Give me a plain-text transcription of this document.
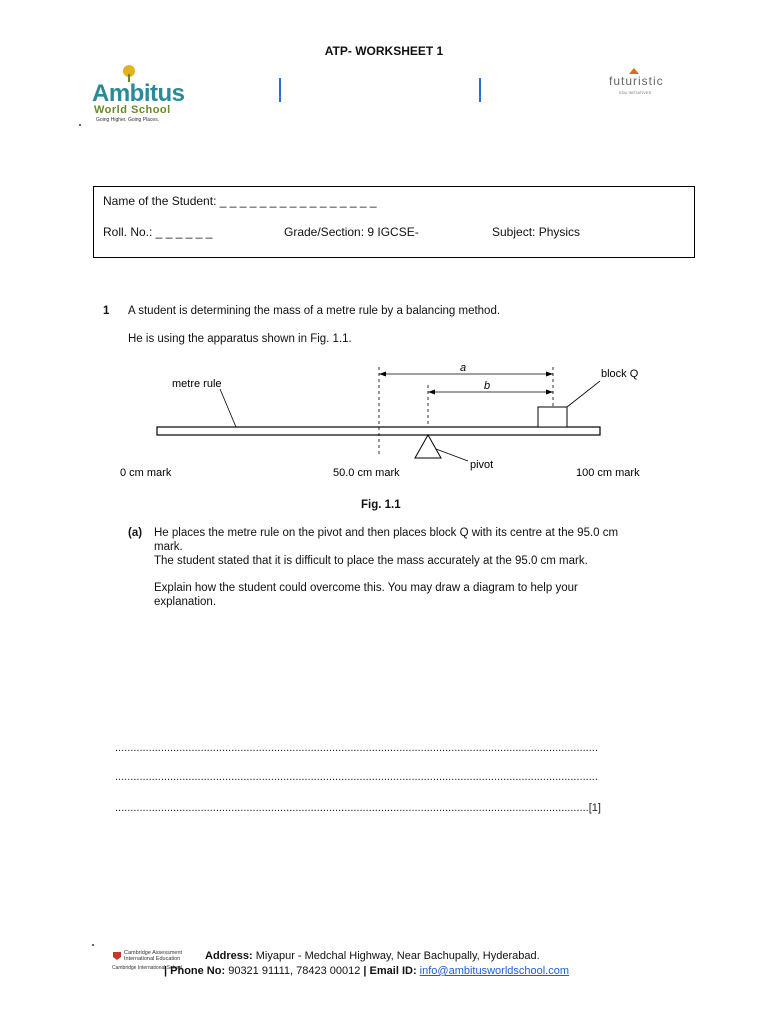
ATP- WORKSHEET 1
Ambitus
World School
Going Higher. Going Places.
futuristic
EDU INITIATIVES
Name of the Student: _ _ _ _ _ _ _ _ _ _ _ _ _ _ _ _
Roll. No.: _ _ _ _ _ _	Grade/Section: 9 IGCSE-	Subject: Physics
1 A student is determining the mass of a metre rule by a balancing method.
He is using the apparatus shown in Fig. 1.1.
metre rule
a
b
block Q
pivot
0 cm mark	50.0 cm mark	100 cm mark
Fig. 1.1
(a) He places the metre rule on the pivot and then places block Q with its centre at the 95.0 cm
mark.
The student stated that it is difficult to place the mass accurately at the 95.0 cm mark.
Explain how the student could overcome this. You may draw a diagram to help your
explanation.
..............................................................................................................................................................
..............................................................................................................................................................
...........................................................................................................................................................[1]
Cambridge Assessment
International Education
Cambridge International School
Address: Miyapur - Medchal Highway, Near Bachupally, Hyderabad.
| Phone No: 90321 91111, 78423 00012 | Email ID: info@ambitusworldschool.com
